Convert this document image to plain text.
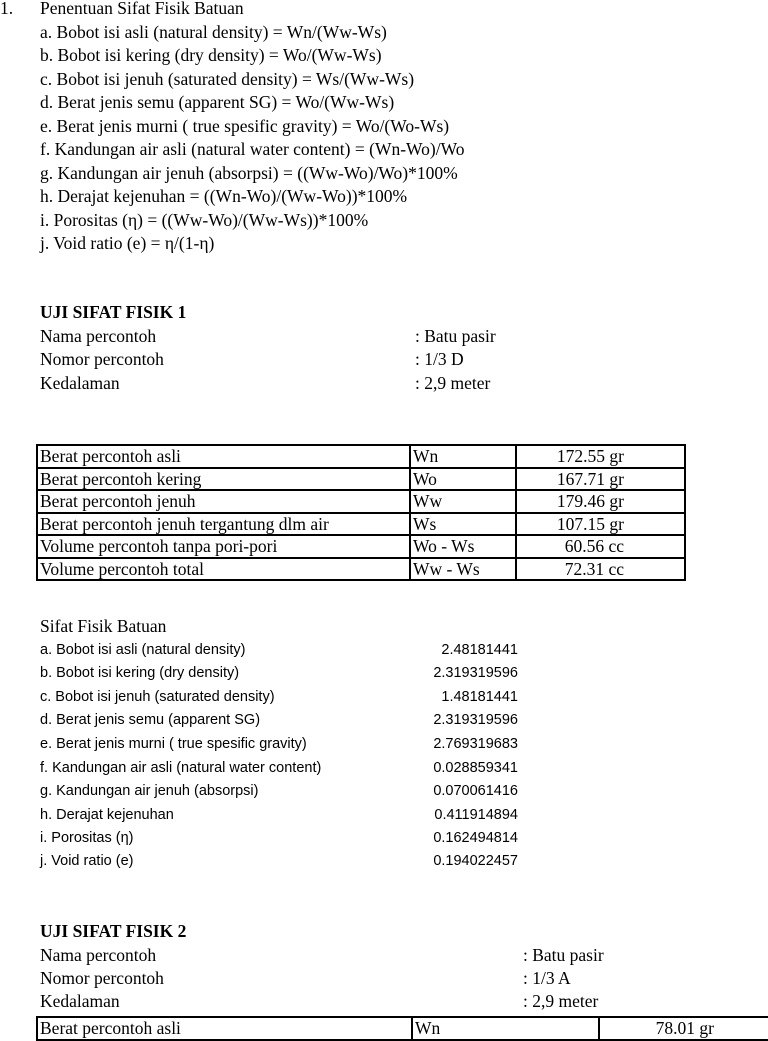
1. Penentuan Sifat Fisik Batuan
a. Bobot isi asli (natural density) = Wn/(Ww-Ws)
b. Bobot isi kering (dry density) = Wo/(Ww-Ws)
c. Bobot isi jenuh (saturated density) = Ws/(Ww-Ws)
d. Berat jenis semu (apparent SG) = Wo/(Ww-Ws)
e. Berat jenis murni ( true spesific gravity) = Wo/(Wo-Ws)
f. Kandungan air asli (natural water content) = (Wn-Wo)/Wo
g. Kandungan air jenuh (absorpsi) = ((Ww-Wo)/Wo)*100%
h. Derajat kejenuhan = ((Wn-Wo)/(Ww-Wo))*100%
i. Porositas (η) = ((Ww-Wo)/(Ww-Ws))*100%
j. Void ratio (e) = η/(1-η)
UJI SIFAT FISIK 1
Nama percontoh	: Batu pasir
Nomor percontoh	: 1/3 D
Kedalaman	: 2,9 meter
Berat percontoh asli	Wn	172.55 gr
Berat percontoh kering	Wo	167.71 gr
Berat percontoh jenuh	Ww	179.46 gr
Berat percontoh jenuh tergantung dlm air	Ws	107.15 gr
Volume percontoh tanpa pori-pori	Wo - Ws	60.56 cc
Volume percontoh total	Ww - Ws	72.31 cc
Sifat Fisik Batuan
a. Bobot isi asli (natural density)	2.48181441
b. Bobot isi kering (dry density)	2.319319596
c. Bobot isi jenuh (saturated density)	1.48181441
d. Berat jenis semu (apparent SG)	2.319319596
e. Berat jenis murni ( true spesific gravity)	2.769319683
f. Kandungan air asli (natural water content)	0.028859341
g. Kandungan air jenuh (absorpsi)	0.070061416
h. Derajat kejenuhan	0.411914894
i. Porositas (η)	0.162494814
j. Void ratio (e)	0.194022457
UJI SIFAT FISIK 2
Nama percontoh	: Batu pasir
Nomor percontoh	: 1/3 A
Kedalaman	: 2,9 meter
Berat percontoh asli	Wn	78.01 gr
